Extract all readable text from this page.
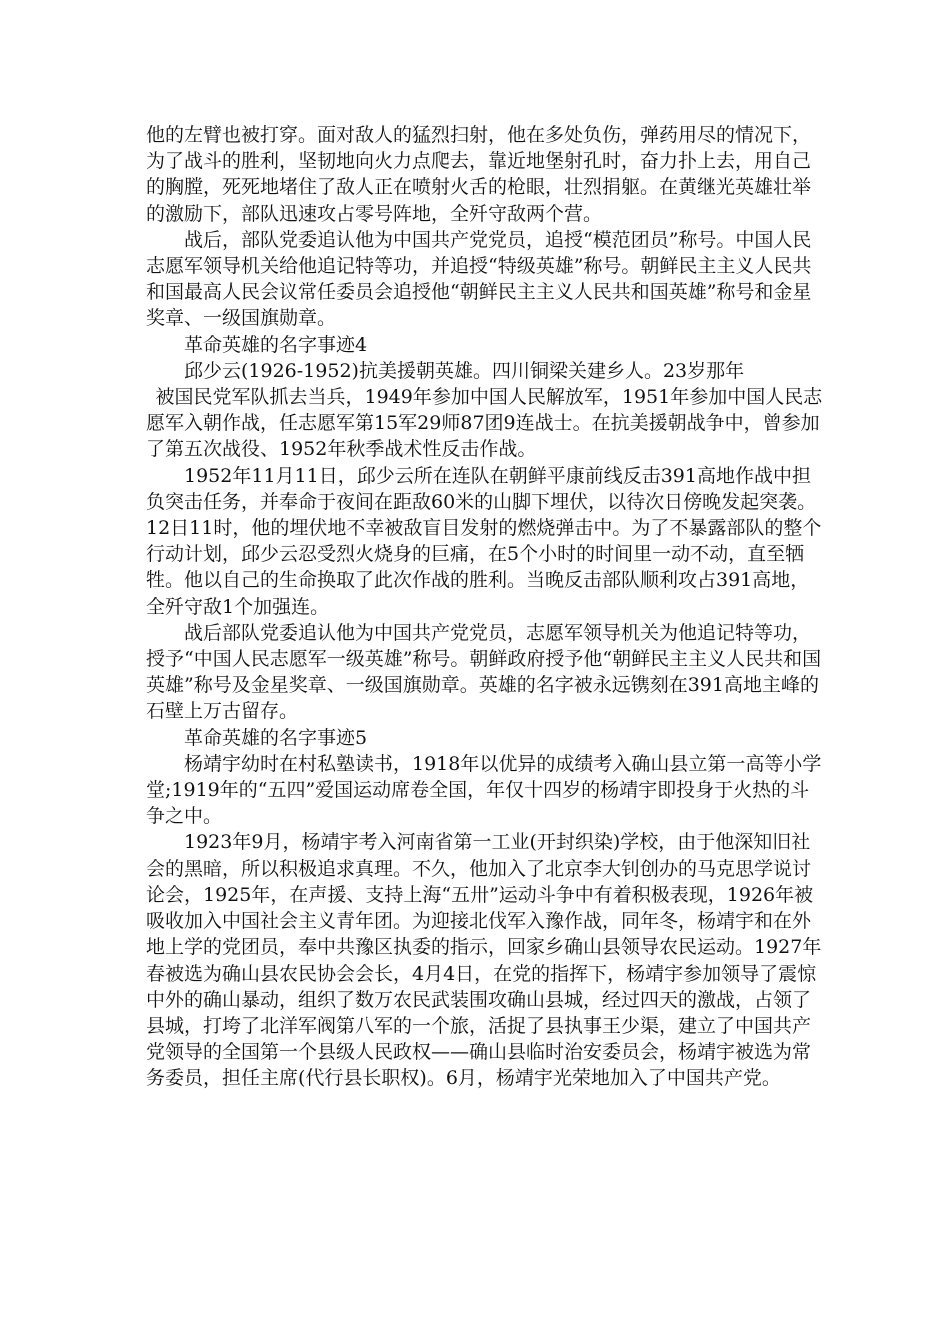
他的左臂也被打穿。面对敌人的猛烈扫射，他在多处负伤，弹药用尽的情况下，为了战斗的胜利，坚韧地向火力点爬去，靠近地堡射孔时，奋力扑上去，用自己的胸膛，死死地堵住了敌人正在喷射火舌的枪眼，壮烈捐躯。在黄继光英雄壮举的激励下，部队迅速攻占零号阵地，全歼守敌两个营。

战后，部队党委追认他为中国共产党党员，追授“模范团员”称号。中国人民志愿军领导机关给他追记特等功，并追授“特级英雄”称号。朝鲜民主主义人民共和国最高人民会议常任委员会追授他“朝鲜民主主义人民共和国英雄”称号和金星奖章、一级国旗勋章。

革命英雄的名字事迹4

邱少云(1926-1952)抗美援朝英雄。四川铜梁关建乡人。23岁那年

被国民党军队抓去当兵，1949年参加中国人民解放军，1951年参加中国人民志愿军入朝作战，任志愿军第15军29师87团9连战士。在抗美援朝战争中，曾参加了第五次战役、1952年秋季战术性反击作战。

1952年11月11日，邱少云所在连队在朝鲜平康前线反击391高地作战中担负突击任务，并奉命于夜间在距敌60米的山脚下埋伏，以待次日傍晚发起突袭。12日11时，他的埋伏地不幸被敌盲目发射的燃烧弹击中。为了不暴露部队的整个行动计划，邱少云忍受烈火烧身的巨痛，在5个小时的时间里一动不动，直至牺牲。他以自己的生命换取了此次作战的胜利。当晚反击部队顺利攻占391高地，全歼守敌1个加强连。

战后部队党委追认他为中国共产党党员，志愿军领导机关为他追记特等功，授予“中国人民志愿军一级英雄”称号。朝鲜政府授予他“朝鲜民主主义人民共和国英雄”称号及金星奖章、一级国旗勋章。英雄的名字被永远镌刻在391高地主峰的石壁上万古留存。

革命英雄的名字事迹5

杨靖宇幼时在村私塾读书，1918年以优异的成绩考入确山县立第一高等小学堂;1919年的“五四”爱国运动席卷全国，年仅十四岁的杨靖宇即投身于火热的斗争之中。

1923年9月，杨靖宇考入河南省第一工业(开封织染)学校，由于他深知旧社会的黑暗，所以积极追求真理。不久，他加入了北京李大钊创办的马克思学说讨论会，1925年，在声援、支持上海“五卅”运动斗争中有着积极表现，1926年被吸收加入中国社会主义青年团。为迎接北伐军入豫作战，同年冬，杨靖宇和在外地上学的党团员，奉中共豫区执委的指示，回家乡确山县领导农民运动。1927年春被选为确山县农民协会会长，4月4日，在党的指挥下，杨靖宇参加领导了震惊中外的确山暴动，组织了数万农民武装围攻确山县城，经过四天的激战，占领了县城，打垮了北洋军阀第八军的一个旅，活捉了县执事王少渠，建立了中国共产党领导的全国第一个县级人民政权——确山县临时治安委员会，杨靖宇被选为常务委员，担任主席(代行县长职权)。6月，杨靖宇光荣地加入了中国共产党。
